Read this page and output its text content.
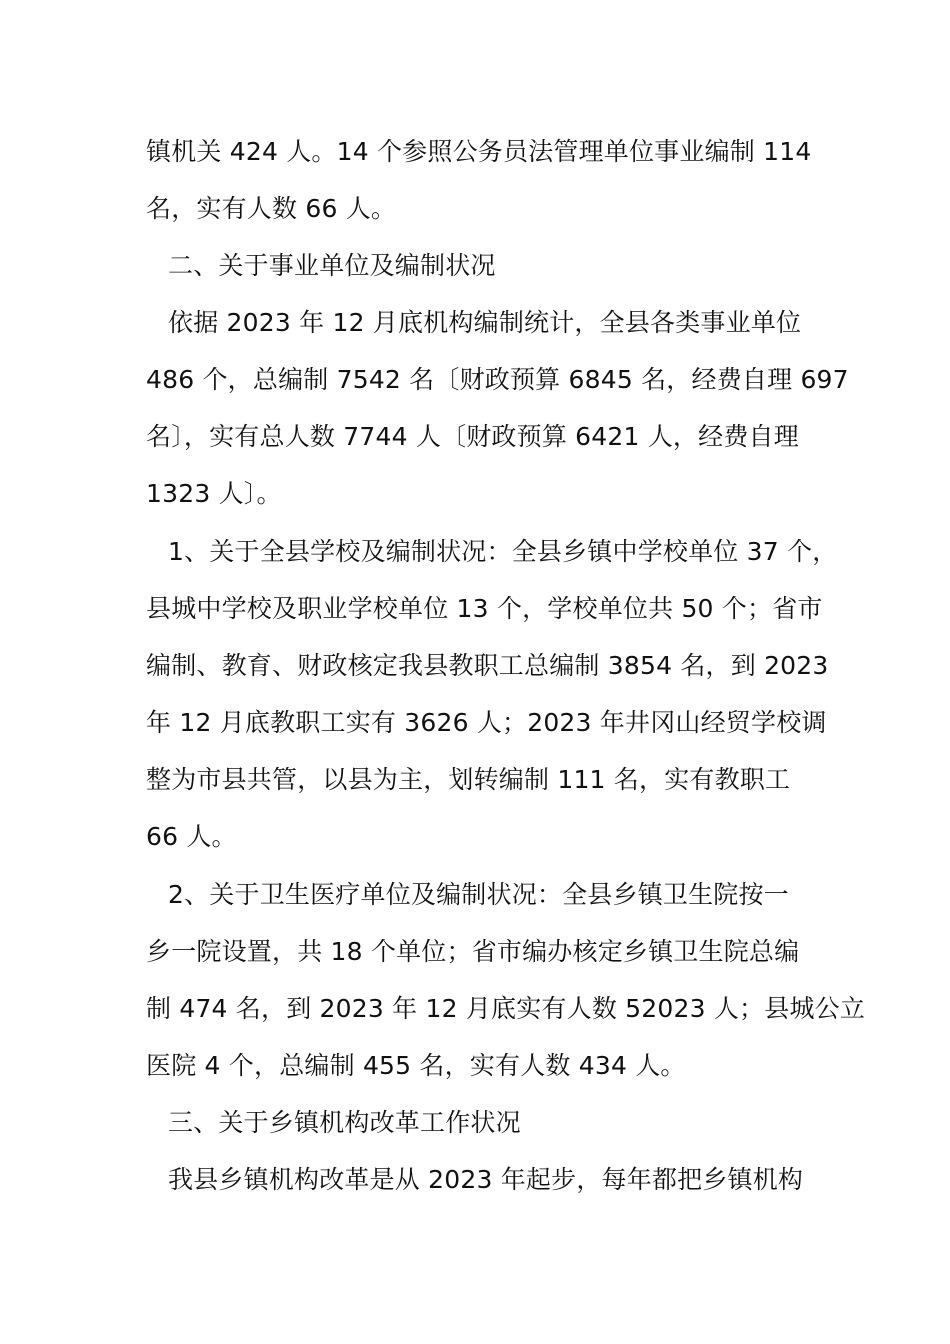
镇机关 424 人。14 个参照公务员法管理单位事业编制 114
名，实有人数 66 人。
二、关于事业单位及编制状况
依据 2023 年 12 月底机构编制统计，全县各类事业单位
486 个，总编制 7542 名〔财政预算 6845 名，经费自理 697
名〕，实有总人数 7744 人〔财政预算 6421 人，经费自理
1323 人〕。
1、关于全县学校及编制状况：全县乡镇中学校单位 37 个，
县城中学校及职业学校单位 13 个，学校单位共 50 个；省市
编制、教育、财政核定我县教职工总编制 3854 名，到 2023
年 12 月底教职工实有 3626 人；2023 年井冈山经贸学校调
整为市县共管，以县为主，划转编制 111 名，实有教职工
66 人。
2、关于卫生医疗单位及编制状况：全县乡镇卫生院按一
乡一院设置，共 18 个单位；省市编办核定乡镇卫生院总编
制 474 名，到 2023 年 12 月底实有人数 52023 人；县城公立
医院 4 个，总编制 455 名，实有人数 434 人。
三、关于乡镇机构改革工作状况
我县乡镇机构改革是从 2023 年起步，每年都把乡镇机构
